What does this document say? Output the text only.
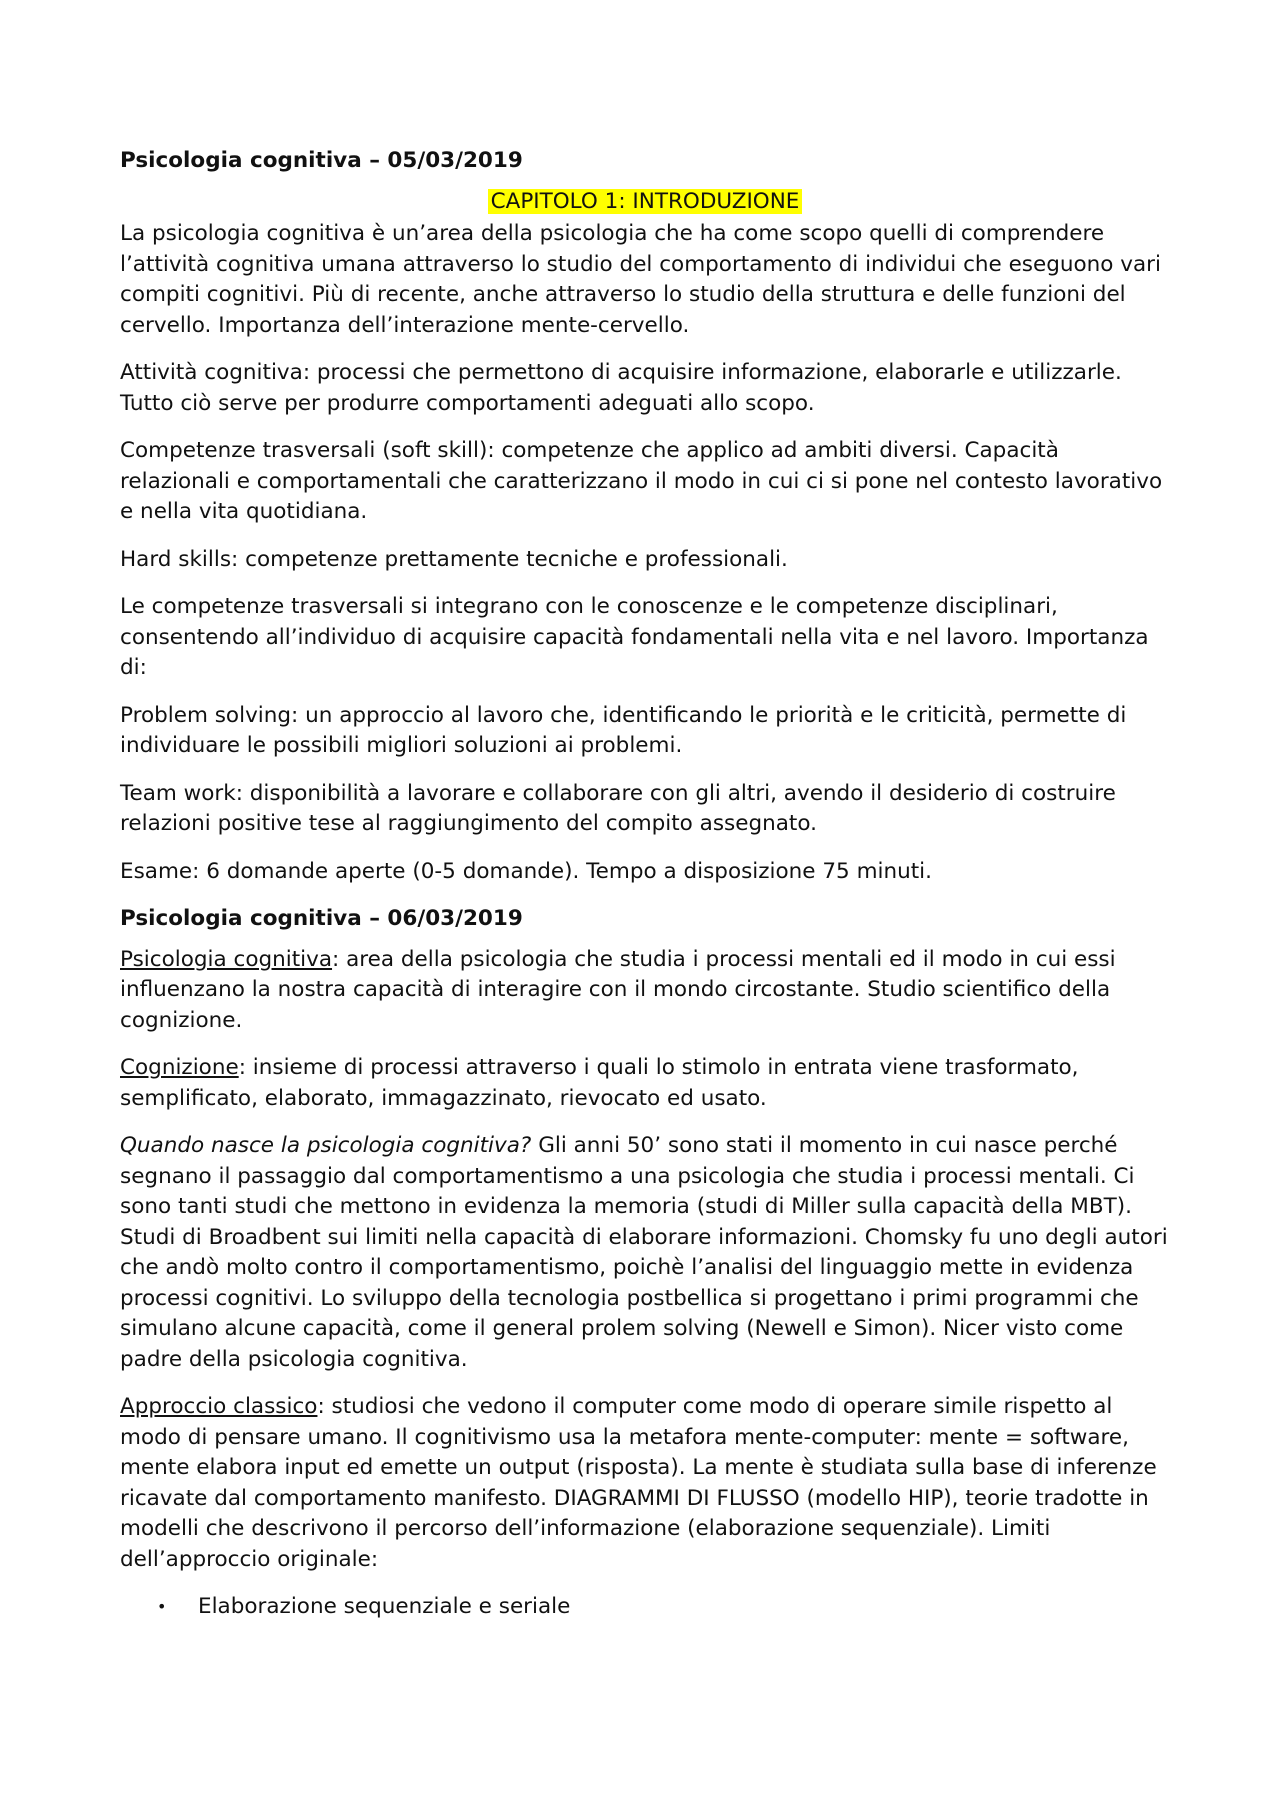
Psicologia cognitiva – 05/03/2019
CAPITOLO 1: INTRODUZIONE

La psicologia cognitiva è un’area della psicologia che ha come scopo quelli di comprendere l’attività cognitiva umana attraverso lo studio del comportamento di individui che eseguono vari compiti cognitivi. Più di recente, anche attraverso lo studio della struttura e delle funzioni del cervello. Importanza dell’interazione mente-cervello.

Attività cognitiva: processi che permettono di acquisire informazione, elaborarle e utilizzarle. Tutto ciò serve per produrre comportamenti adeguati allo scopo.

Competenze trasversali (soft skill): competenze che applico ad ambiti diversi. Capacità relazionali e comportamentali che caratterizzano il modo in cui ci si pone nel contesto lavorativo e nella vita quotidiana.

Hard skills: competenze prettamente tecniche e professionali.

Le competenze trasversali si integrano con le conoscenze e le competenze disciplinari, consentendo all’individuo di acquisire capacità fondamentali nella vita e nel lavoro. Importanza di:

Problem solving: un approccio al lavoro che, identificando le priorità e le criticità, permette di individuare le possibili migliori soluzioni ai problemi.

Team work: disponibilità a lavorare e collaborare con gli altri, avendo il desiderio di costruire relazioni positive tese al raggiungimento del compito assegnato.

Esame: 6 domande aperte (0-5 domande). Tempo a disposizione 75 minuti.

Psicologia cognitiva – 06/03/2019

Psicologia cognitiva: area della psicologia che studia i processi mentali ed il modo in cui essi influenzano la nostra capacità di interagire con il mondo circostante. Studio scientifico della cognizione.

Cognizione: insieme di processi attraverso i quali lo stimolo in entrata viene trasformato, semplificato, elaborato, immagazzinato, rievocato ed usato.

Quando nasce la psicologia cognitiva? Gli anni 50’ sono stati il momento in cui nasce perché segnano il passaggio dal comportamentismo a una psicologia che studia i processi mentali. Ci sono tanti studi che mettono in evidenza la memoria (studi di Miller sulla capacità della MBT). Studi di Broadbent sui limiti nella capacità di elaborare informazioni. Chomsky fu uno degli autori che andò molto contro il comportamentismo, poichè l’analisi del linguaggio mette in evidenza processi cognitivi. Lo sviluppo della tecnologia postbellica si progettano i primi programmi che simulano alcune capacità, come il general prolem solving (Newell e Simon). Nicer visto come padre della psicologia cognitiva.

Approccio classico: studiosi che vedono il computer come modo di operare simile rispetto al modo di pensare umano. Il cognitivismo usa la metafora mente-computer: mente = software, mente elabora input ed emette un output (risposta). La mente è studiata sulla base di inferenze ricavate dal comportamento manifesto. DIAGRAMMI DI FLUSSO (modello HIP), teorie tradotte in modelli che descrivono il percorso dell’informazione (elaborazione sequenziale). Limiti dell’approccio originale:

• Elaborazione sequenziale e seriale
